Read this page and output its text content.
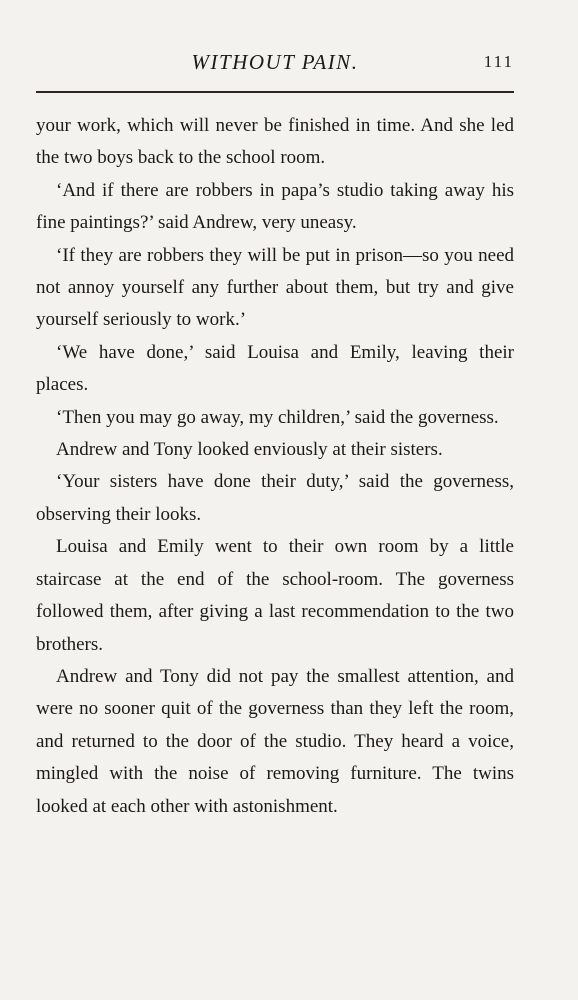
WITHOUT PAIN.	111

your work, which will never be finished in time. And she led the two boys back to the school room.

‘And if there are robbers in papa’s studio taking away his fine paintings?’ said Andrew, very uneasy.

‘If they are robbers they will be put in prison—so you need not annoy yourself any further about them, but try and give yourself seriously to work.’

‘We have done,’ said Louisa and Emily, leaving their places.

‘Then you may go away, my children,’ said the governess.

Andrew and Tony looked enviously at their sisters.

‘Your sisters have done their duty,’ said the governess, observing their looks.

Louisa and Emily went to their own room by a little staircase at the end of the school-room. The governess followed them, after giving a last recommendation to the two brothers.

Andrew and Tony did not pay the smallest attention, and were no sooner quit of the governess than they left the room, and returned to the door of the studio. They heard a voice, mingled with the noise of removing furniture. The twins looked at each other with astonishment.
